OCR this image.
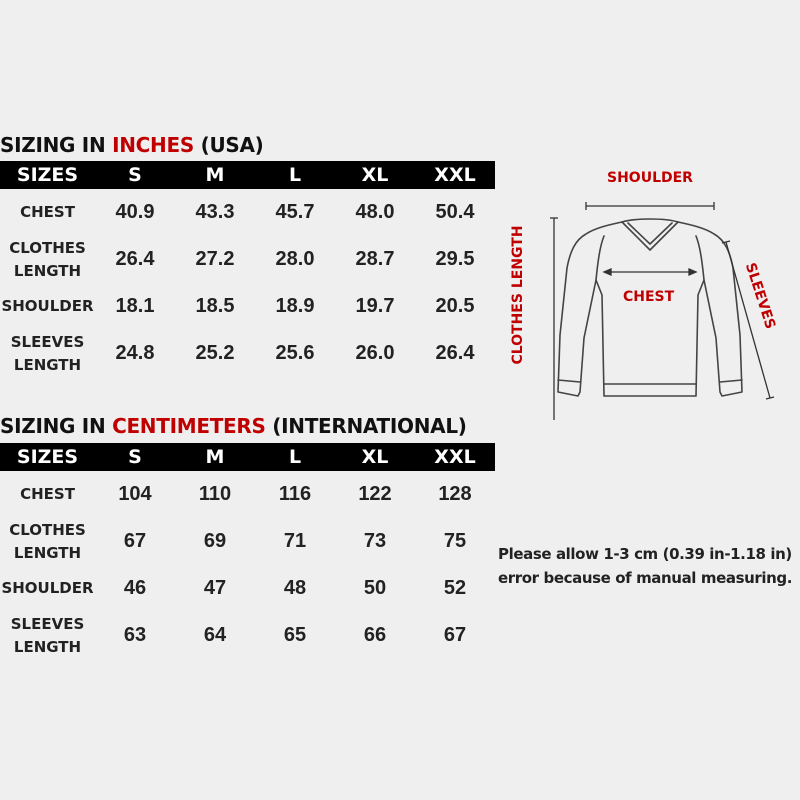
SIZING IN INCHES (USA)
SIZES	S	M	L	XL	XXL
CHEST	40.9	43.3	45.7	48.0	50.4
CLOTHES
LENGTH	26.4	27.2	28.0	28.7	29.5
SHOULDER	18.1	18.5	18.9	19.7	20.5
SLEEVES
LENGTH	24.8	25.2	25.6	26.0	26.4
SIZING IN CENTIMETERS (INTERNATIONAL)
SIZES	S	M	L	XL	XXL
CHEST	104	110	116	122	128
CLOTHES
LENGTH	67	69	71	73	75
SHOULDER	46	47	48	50	52
SLEEVES
LENGTH	63	64	65	66	67
SHOULDER
CHEST
CLOTHES LENGTH	SLEEVES
Please allow 1-3 cm (0.39 in-1.18 in)
error because of manual measuring.
